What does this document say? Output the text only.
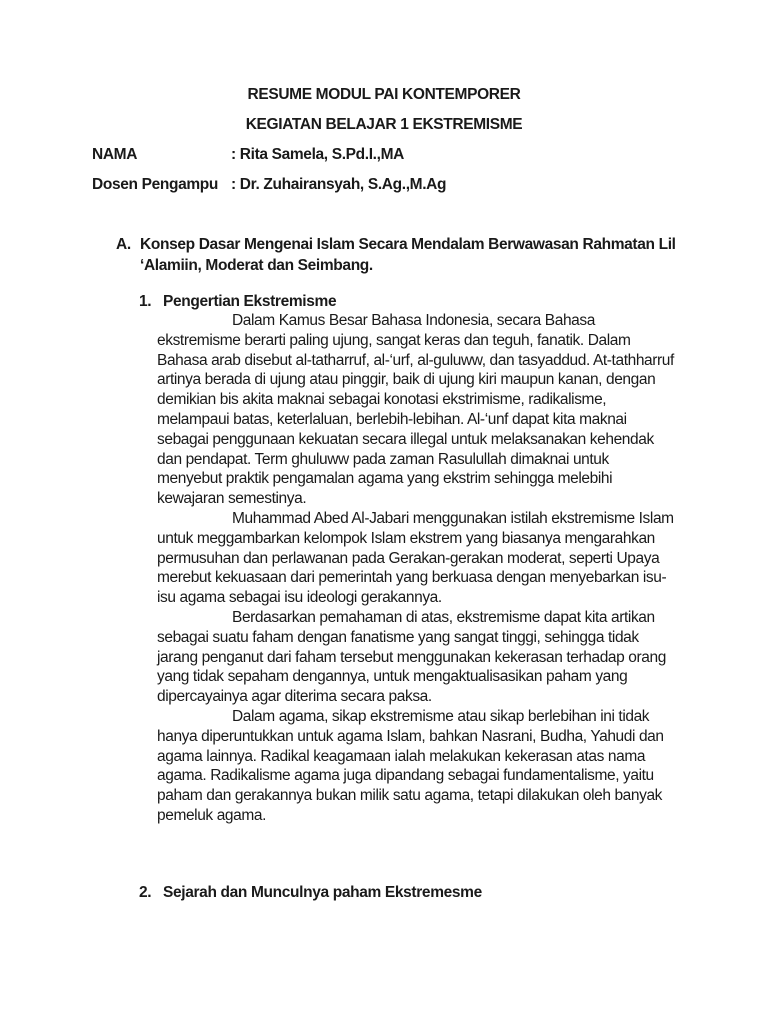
RESUME MODUL PAI KONTEMPORER
KEGIATAN BELAJAR 1 EKSTREMISME
NAMA	: Rita Samela, S.Pd.I.,MA
Dosen Pengampu : Dr. Zuhairansyah, S.Ag.,M.Ag
A. Konsep Dasar Mengenai Islam Secara Mendalam Berwawasan Rahmatan Lil ‘Alamiin, Moderat dan Seimbang.
1. Pengertian Ekstremisme

Dalam Kamus Besar Bahasa Indonesia, secara Bahasa ekstremisme berarti paling ujung, sangat keras dan teguh, fanatik. Dalam Bahasa arab disebut al-tatharruf, al-‘urf, al-guluww, dan tasyaddud. At-tathharruf artinya berada di ujung atau pinggir, baik di ujung kiri maupun kanan, dengan demikian bis akita maknai sebagai konotasi ekstrimisme, radikalisme, melampaui batas, keterlaluan, berlebih-lebihan. Al-‘unf dapat kita maknai sebagai penggunaan kekuatan secara illegal untuk melaksanakan kehendak dan pendapat. Term ghuluww pada zaman Rasulullah dimaknai untuk menyebut praktik pengamalan agama yang ekstrim sehingga melebihi kewajaran semestinya.

Muhammad Abed Al-Jabari menggunakan istilah ekstremisme Islam untuk meggambarkan kelompok Islam ekstrem yang biasanya mengarahkan permusuhan dan perlawanan pada Gerakan-gerakan moderat, seperti Upaya merebut kekuasaan dari pemerintah yang berkuasa dengan menyebarkan isu-isu agama sebagai isu ideologi gerakannya.

Berdasarkan pemahaman di atas, ekstremisme dapat kita artikan sebagai suatu faham dengan fanatisme yang sangat tinggi, sehingga tidak jarang penganut dari faham tersebut menggunakan kekerasan terhadap orang yang tidak sepaham dengannya, untuk mengaktualisasikan paham yang dipercayainya agar diterima secara paksa.

Dalam agama, sikap ekstremisme atau sikap berlebihan ini tidak hanya diperuntukkan untuk agama Islam, bahkan Nasrani, Budha, Yahudi dan agama lainnya. Radikal keagamaan ialah melakukan kekerasan atas nama agama. Radikalisme agama juga dipandang sebagai fundamentalisme, yaitu paham dan gerakannya bukan milik satu agama, tetapi dilakukan oleh banyak pemeluk agama.

2. Sejarah dan Munculnya paham Ekstremesme
